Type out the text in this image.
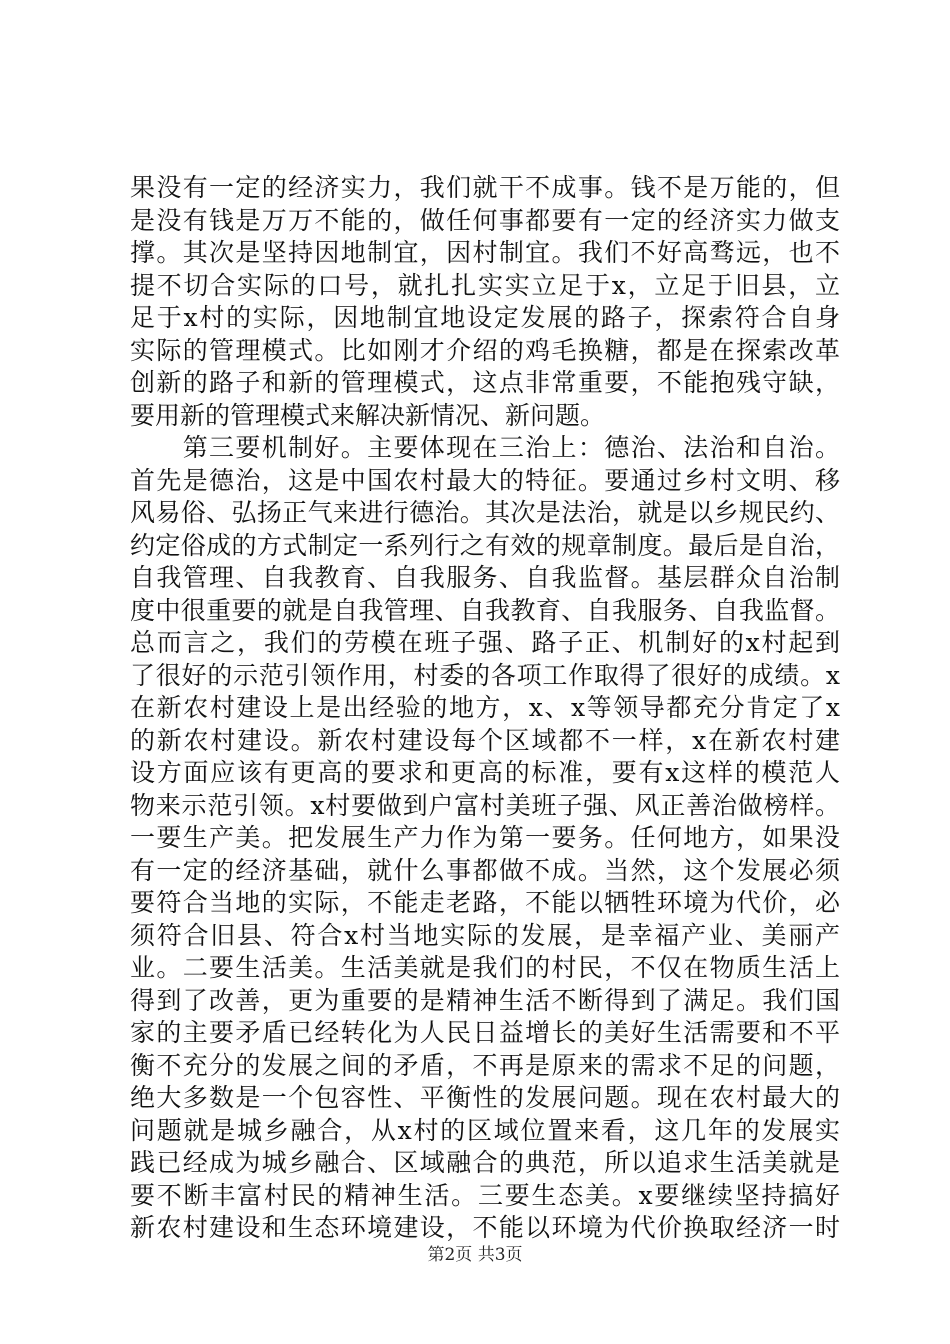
果没有一定的经济实力，我们就干不成事。钱不是万能的，但
是没有钱是万万不能的，做任何事都要有一定的经济实力做支
撑。其次是坚持因地制宜，因村制宜。我们不好高骛远，也不
提不切合实际的口号，就扎扎实实立足于x，立足于旧县，立
足于x村的实际，因地制宜地设定发展的路子，探索符合自身
实际的管理模式。比如刚才介绍的鸡毛换糖，都是在探索改革
创新的路子和新的管理模式，这点非常重要，不能抱残守缺，
要用新的管理模式来解决新情况、新问题。
　　第三要机制好。主要体现在三治上：德治、法治和自治。
首先是德治，这是中国农村最大的特征。要通过乡村文明、移
风易俗、弘扬正气来进行德治。其次是法治，就是以乡规民约、
约定俗成的方式制定一系列行之有效的规章制度。最后是自治，
自我管理、自我教育、自我服务、自我监督。基层群众自治制
度中很重要的就是自我管理、自我教育、自我服务、自我监督。
总而言之，我们的劳模在班子强、路子正、机制好的x村起到
了很好的示范引领作用，村委的各项工作取得了很好的成绩。x
在新农村建设上是出经验的地方，x、x等领导都充分肯定了x
的新农村建设。新农村建设每个区域都不一样，x在新农村建
设方面应该有更高的要求和更高的标准，要有x这样的模范人
物来示范引领。x村要做到户富村美班子强、风正善治做榜样。
一要生产美。把发展生产力作为第一要务。任何地方，如果没
有一定的经济基础，就什么事都做不成。当然，这个发展必须
要符合当地的实际，不能走老路，不能以牺牲环境为代价，必
须符合旧县、符合x村当地实际的发展，是幸福产业、美丽产
业。二要生活美。生活美就是我们的村民，不仅在物质生活上
得到了改善，更为重要的是精神生活不断得到了满足。我们国
家的主要矛盾已经转化为人民日益增长的美好生活需要和不平
衡不充分的发展之间的矛盾，不再是原来的需求不足的问题，
绝大多数是一个包容性、平衡性的发展问题。现在农村最大的
问题就是城乡融合，从x村的区域位置来看，这几年的发展实
践已经成为城乡融合、区域融合的典范，所以追求生活美就是
要不断丰富村民的精神生活。三要生态美。x要继续坚持搞好
新农村建设和生态环境建设，不能以环境为代价换取经济一时
第2页 共3页
